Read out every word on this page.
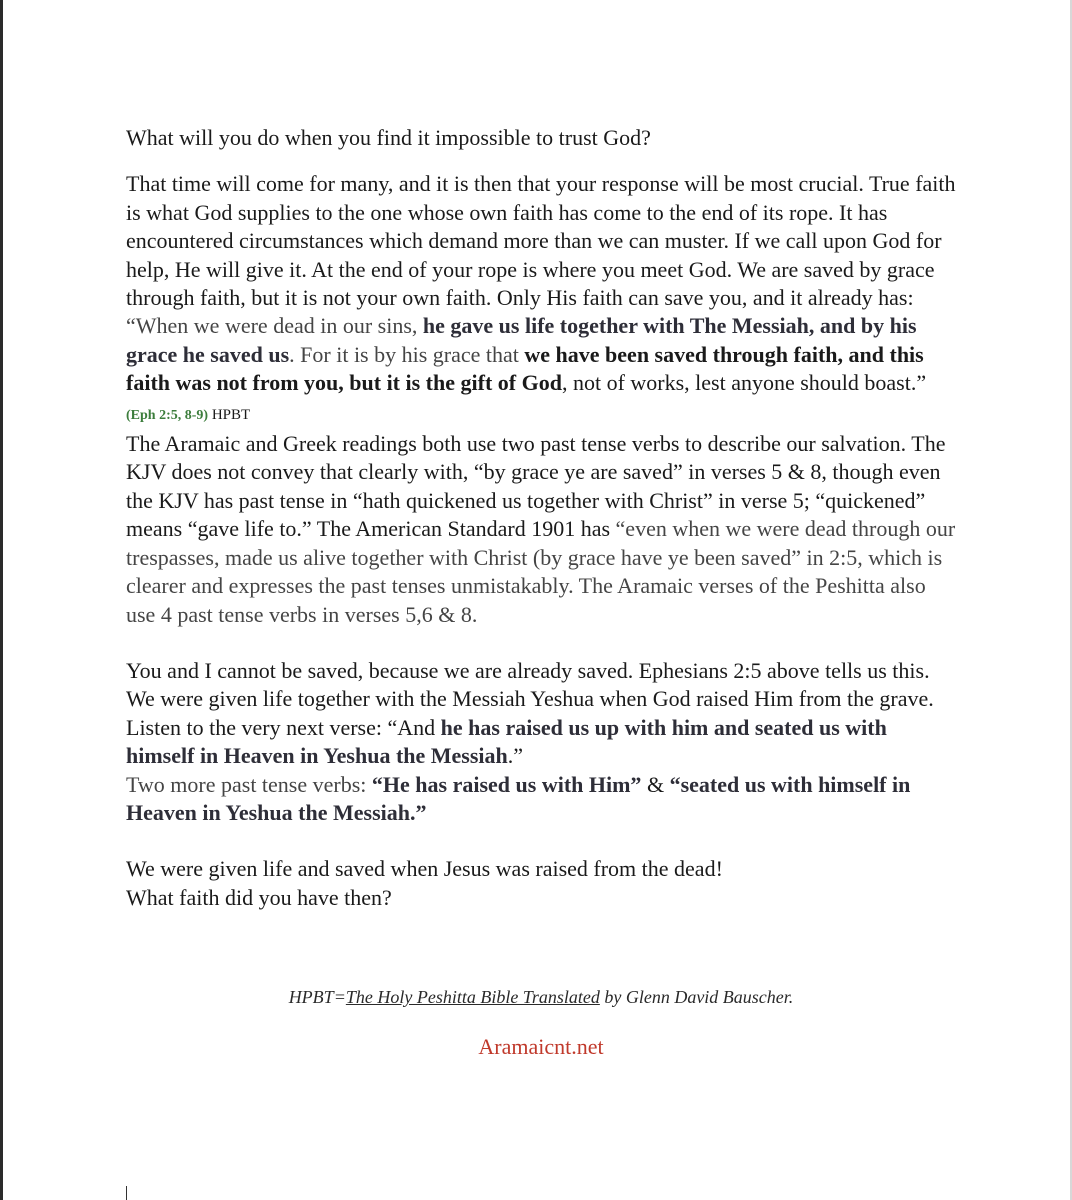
What will you do when you find it impossible to trust God?

That time will come for many, and it is then that your response will be most crucial. True faith is what God supplies to the one whose own faith has come to the end of its rope. It has encountered circumstances which demand more than we can muster. If we call upon God for help, He will give it. At the end of your rope is where you meet God. We are saved by grace through faith, but it is not your own faith. Only His faith can save you, and it already has:
“When we were dead in our sins, he gave us life together with The Messiah, and by his grace he saved us. For it is by his grace that we have been saved through faith, and this faith was not from you, but it is the gift of God, not of works, lest anyone should boast.” (Eph 2:5, 8-9) HPBT
The Aramaic and Greek readings both use two past tense verbs to describe our salvation. The KJV does not convey that clearly with, “by grace ye are saved” in verses 5 & 8, though even the KJV has past tense in “hath quickened us together with Christ” in verse 5; “quickened” means “gave life to.” The American Standard 1901 has “even when we were dead through our trespasses, made us alive together with Christ (by grace have ye been saved” in 2:5, which is clearer and expresses the past tenses unmistakably. The Aramaic verses of the Peshitta also use 4 past tense verbs in verses 5,6 & 8.

You and I cannot be saved, because we are already saved. Ephesians 2:5 above tells us this. We were given life together with the Messiah Yeshua when God raised Him from the grave. Listen to the very next verse: “And he has raised us up with him and seated us with himself in Heaven in Yeshua the Messiah.”
Two more past tense verbs: “He has raised us with Him” & “seated us with himself in Heaven in Yeshua the Messiah.”

We were given life and saved when Jesus was raised from the dead!
What faith did you have then?

HPBT=The Holy Peshitta Bible Translated by Glenn David Bauscher.
Aramaicnt.net
